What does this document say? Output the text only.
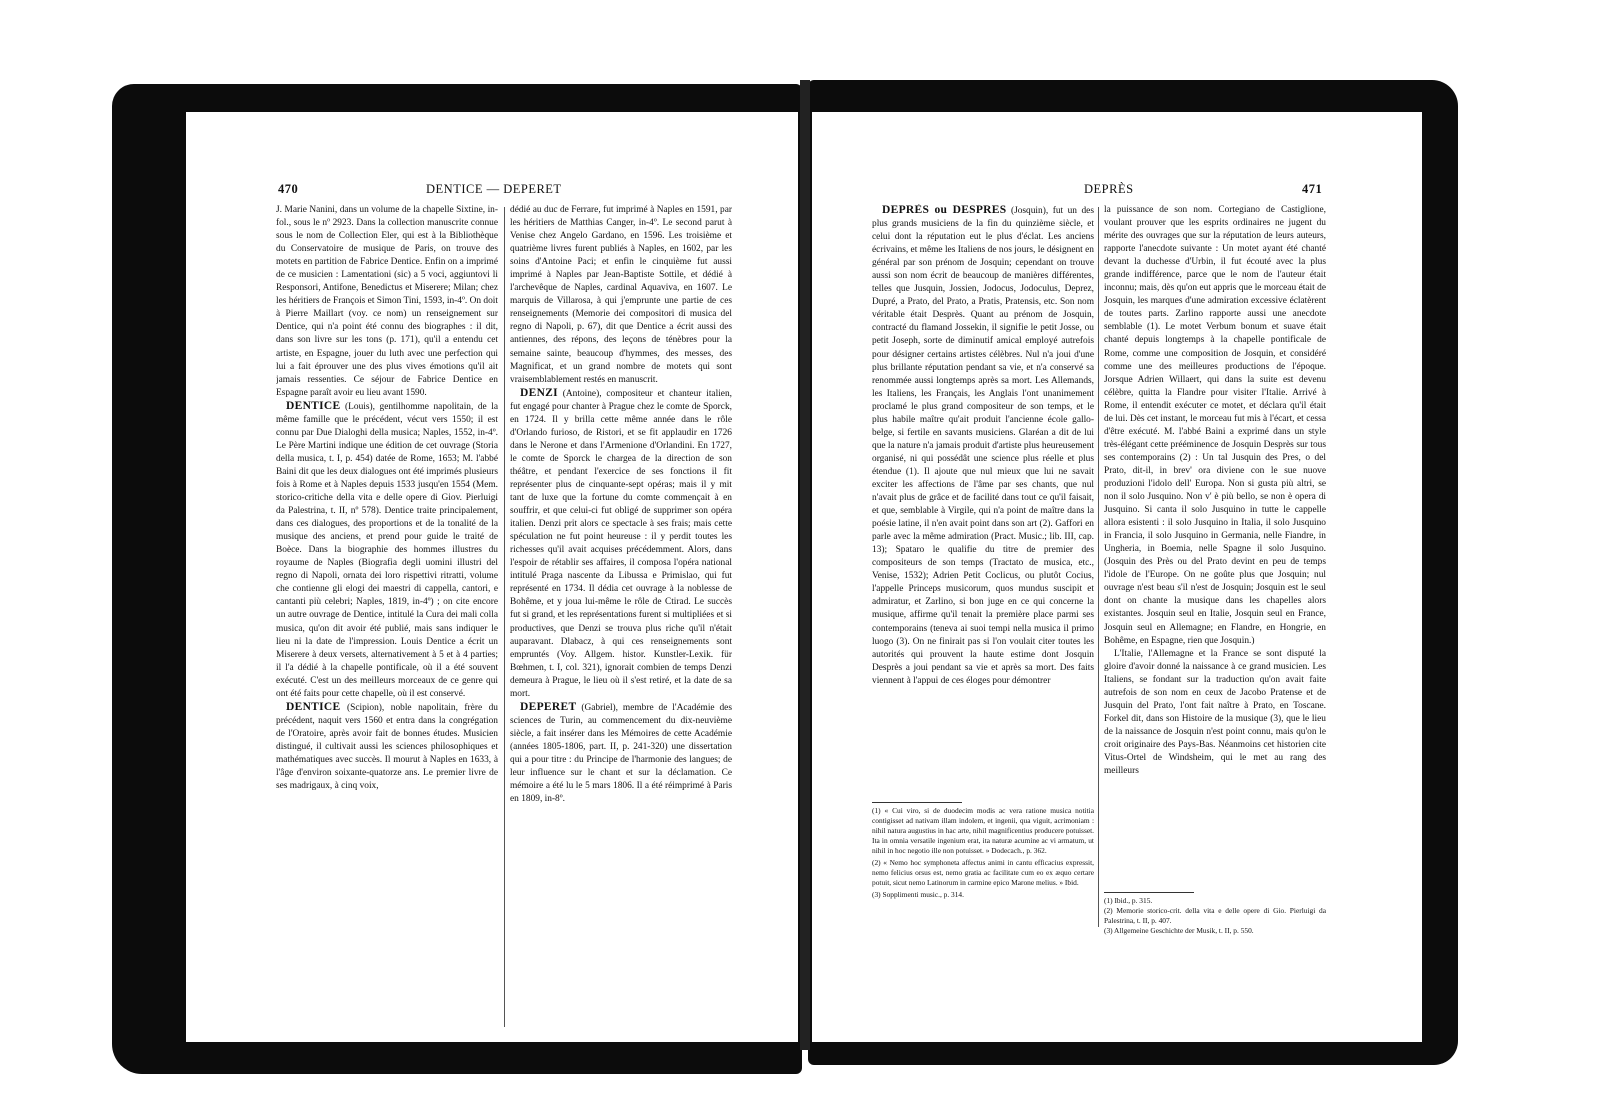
470	DENTICE — DEPERET

J. Marie Nanini, dans un volume de la chapelle Sixtine, in-fol., sous le nº 2923. Dans la collection manuscrite connue sous le nom de Collection Eler, qui est à la Bibliothèque du Conservatoire de musique de Paris, on trouve des motets en partition de Fabrice Dentice. Enfin on a imprimé de ce musicien : Lamentationi (sic) a 5 voci, aggiuntovi li Responsori, Antifone, Benedictus et Miserere; Milan; chez les héritiers de François et Simon Tini, 1593, in-4º. On doit à Pierre Maillart (voy. ce nom) un renseignement sur Dentice, qui n'a point été connu des biographes : il dit, dans son livre sur les tons (p. 171), qu'il a entendu cet artiste, en Espagne, jouer du luth avec une perfection qui lui a fait éprouver une des plus vives émotions qu'il ait jamais ressenties. Ce séjour de Fabrice Dentice en Espagne paraît avoir eu lieu avant 1590.

DENTICE (Louis), gentilhomme napolitain, de la même famille que le précédent, vécut vers 1550; il est connu par Due Dialoghi della musica; Naples, 1552, in-4º. Le Père Martini indique une édition de cet ouvrage (Storia della musica, t. I, p. 454) datée de Rome, 1653; M. l'abbé Baini dit que les deux dialogues ont été imprimés plusieurs fois à Rome et à Naples depuis 1533 jusqu'en 1554 (Mem. storico-critiche della vita e delle opere di Giov. Pierluigi da Palestrina, t. II, nº 578). Dentice traite principalement, dans ces dialogues, des proportions et de la tonalité de la musique des anciens, et prend pour guide le traité de Boèce. Dans la biographie des hommes illustres du royaume de Naples (Biografia degli uomini illustri del regno di Napoli, ornata dei loro rispettivi ritratti, volume che contienne gli elogi dei maestri di cappella, cantori, e cantanti più celebri; Naples, 1819, in-4º) ; on cite encore un autre ouvrage de Dentice, intitulé la Cura dei mali colla musica, qu'on dit avoir été publié, mais sans indiquer le lieu ni la date de l'impression. Louis Dentice a écrit un Miserere à deux versets, alternativement à 5 et à 4 parties; il l'a dédié à la chapelle pontificale, où il a été souvent exécuté. C'est un des meilleurs morceaux de ce genre qui ont été faits pour cette chapelle, où il est conservé.

DENTICE (Scipion), noble napolitain, frère du précédent, naquit vers 1560 et entra dans la congrégation de l'Oratoire, après avoir fait de bonnes études. Musicien distingué, il cultivait aussi les sciences philosophiques et mathématiques avec succès. Il mourut à Naples en 1633, à l'âge d'environ soixante-quatorze ans. Le premier livre de ses madrigaux, à cinq voix,

dédié au duc de Ferrare, fut imprimé à Naples en 1591, par les héritiers de Matthias Canger, in-4º. Le second parut à Venise chez Angelo Gardano, en 1596. Les troisième et quatrième livres furent publiés à Naples, en 1602, par les soins d'Antoine Paci; et enfin le cinquième fut aussi imprimé à Naples par Jean-Baptiste Sottile, et dédié à l'archevêque de Naples, cardinal Aquaviva, en 1607. Le marquis de Villarosa, à qui j'emprunte une partie de ces renseignements (Memorie dei compositori di musica del regno di Napoli, p. 67), dit que Dentice a écrit aussi des antiennes, des répons, des leçons de ténèbres pour la semaine sainte, beaucoup d'hymmes, des messes, des Magnificat, et un grand nombre de motets qui sont vraisemblablement restés en manuscrit.

DENZI (Antoine), compositeur et chanteur italien, fut engagé pour chanter à Prague chez le comte de Sporck, en 1724. Il y brilla cette même année dans le rôle d'Orlando furioso, de Ristori, et se fit applaudir en 1726 dans le Nerone et dans l'Armenione d'Orlandini. En 1727, le comte de Sporck le chargea de la direction de son théâtre, et pendant l'exercice de ses fonctions il fit représenter plus de cinquante-sept opéras; mais il y mit tant de luxe que la fortune du comte commençait à en souffrir, et que celui-ci fut obligé de supprimer son opéra italien. Denzi prit alors ce spectacle à ses frais; mais cette spéculation ne fut point heureuse : il y perdit toutes les richesses qu'il avait acquises précédemment. Alors, dans l'espoir de rétablir ses affaires, il composa l'opéra national intitulé Praga nascente da Libussa e Primislao, qui fut représenté en 1734. Il dédia cet ouvrage à la noblesse de Bohême, et y joua lui-même le rôle de Ctirad. Le succès fut si grand, et les représentations furent si multipliées et si productives, que Denzi se trouva plus riche qu'il n'était auparavant. Dlabacz, à qui ces renseignements sont empruntés (Voy. Allgem. histor. Kunstler-Lexik. für Bœhmen, t. I, col. 321), ignorait combien de temps Denzi demeura à Prague, le lieu où il s'est retiré, et la date de sa mort.

DEPERET (Gabriel), membre de l'Académie des sciences de Turin, au commencement du dix-neuvième siècle, a fait insérer dans les Mémoires de cette Académie (années 1805-1806, part. II, p. 241-320) une dissertation qui a pour titre : du Principe de l'harmonie des langues; de leur influence sur le chant et sur la déclamation. Ce mémoire a été lu le 5 mars 1806. Il a été réimprimé à Paris en 1809, in-8º.

DEPRÈS	471

DEPRÈS ou DESPRES (Josquin), fut un des plus grands musiciens de la fin du quinzième siècle, et celui dont la réputation eut le plus d'éclat. Les anciens écrivains, et même les Italiens de nos jours, le désignent en général par son prénom de Josquin; cependant on trouve aussi son nom écrit de beaucoup de manières différentes, telles que Jusquin, Jossien, Jodocus, Jodoculus, Deprez, Dupré, a Prato, del Prato, a Pratis, Pratensis, etc. Son nom véritable était Desprès. Quant au prénom de Josquin, contracté du flamand Jossekin, il signifie le petit Josse, ou petit Joseph, sorte de diminutif amical employé autrefois pour désigner certains artistes célèbres. Nul n'a joui d'une plus brillante réputation pendant sa vie, et n'a conservé sa renommée aussi longtemps après sa mort. Les Allemands, les Italiens, les Français, les Anglais l'ont unanimement proclamé le plus grand compositeur de son temps, et le plus habile maître qu'ait produit l'ancienne école gallo-belge, si fertile en savants musiciens. Glaréan a dit de lui que la nature n'a jamais produit d'artiste plus heureusement organisé, ni qui possédât une science plus réelle et plus étendue (1). Il ajoute que nul mieux que lui ne savait exciter les affections de l'âme par ses chants, que nul n'avait plus de grâce et de facilité dans tout ce qu'il faisait, et que, semblable à Virgile, qui n'a point de maître dans la poésie latine, il n'en avait point dans son art (2). Gaffori en parle avec la même admiration (Pract. Music.; lib. III, cap. 13); Spataro le qualifie du titre de premier des compositeurs de son temps (Tractato de musica, etc., Venise, 1532); Adrien Petit Coclicus, ou plutôt Cocius, l'appelle Princeps musicorum, quos mundus suscipit et admiratur, et Zarlino, si bon juge en ce qui concerne la musique, affirme qu'il tenait la première place parmi ses contemporains (teneva ai suoi tempi nella musica il primo luogo (3). On ne finirait pas si l'on voulait citer toutes les autorités qui prouvent la haute estime dont Josquin Desprès a joui pendant sa vie et après sa mort. Des faits viennent à l'appui de ces éloges pour démontrer

(1) « Cui viro, si de duodecim modis ac vera ratione musica notitia contigisset ad nativam illam indolem, et ingenii, qua viguit, acrimoniam : nihil natura augustius in hac arte, nihil magnificentius producere potuisset. Ita in omnia versatile ingenium erat, ita naturæ acumine ac vi armatum, ut nihil in hoc negotio ille non potuisset. » Dodecach., p. 362.

(2) « Nemo hoc symphoneta affectus animi in cantu efficacius expressit, nemo felicius orsus est, nemo gratia ac facilitate cum eo ex æquo certare potuit, sicut nemo Latinorum in carmine epico Marone melius. » Ibid.

(3) Sopplimenti music., p. 314.

la puissance de son nom. Cortegiano de Castiglione, voulant prouver que les esprits ordinaires ne jugent du mérite des ouvrages que sur la réputation de leurs auteurs, rapporte l'anecdote suivante : Un motet ayant été chanté devant la duchesse d'Urbin, il fut écouté avec la plus grande indifférence, parce que le nom de l'auteur était inconnu; mais, dès qu'on eut appris que le morceau était de Josquin, les marques d'une admiration excessive éclatèrent de toutes parts. Zarlino rapporte aussi une anecdote semblable (1). Le motet Verbum bonum et suave était chanté depuis longtemps à la chapelle pontificale de Rome, comme une composition de Josquin, et considéré comme une des meilleures productions de l'époque. Jorsque Adrien Willaert, qui dans la suite est devenu célèbre, quitta la Flandre pour visiter l'Italie. Arrivé à Rome, il entendit exécuter ce motet, et déclara qu'il était de lui. Dès cet instant, le morceau fut mis à l'écart, et cessa d'être exécuté. M. l'abbé Baini a exprimé dans un style très-élégant cette prééminence de Josquin Desprès sur tous ses contemporains (2) : Un tal Jusquin des Pres, o del Prato, dit-il, in brev' ora diviene con le sue nuove produzioni l'idolo dell' Europa. Non si gusta più altri, se non il solo Jusquino. Non v' è più bello, se non è opera di Jusquino. Si canta il solo Jusquino in tutte le cappelle allora esistenti : il solo Jusquino in Italia, il solo Jusquino in Francia, il solo Jusquino in Germania, nelle Fiandre, in Ungheria, in Boemia, nelle Spagne il solo Jusquino. (Josquin des Près ou del Prato devint en peu de temps l'idole de l'Europe. On ne goûte plus que Josquin; nul ouvrage n'est beau s'il n'est de Josquin; Josquin est le seul dont on chante la musique dans les chapelles alors existantes. Josquin seul en Italie, Josquin seul en France, Josquin seul en Allemagne; en Flandre, en Hongrie, en Bohême, en Espagne, rien que Josquin.)

L'Italie, l'Allemagne et la France se sont disputé la gloire d'avoir donné la naissance à ce grand musicien. Les Italiens, se fondant sur la traduction qu'on avait faite autrefois de son nom en ceux de Jacobo Pratense et de Jusquin del Prato, l'ont fait naître à Prato, en Toscane. Forkel dit, dans son Histoire de la musique (3), que le lieu de la naissance de Josquin n'est point connu, mais qu'on le croit originaire des Pays-Bas. Néanmoins cet historien cite Vitus-Ortel de Windsheim, qui le met au rang des meilleurs

(1) Ibid., p. 315.

(2) Memorie storico-crit. della vita e delle opere di Gio. Pierluigi da Palestrina, t. II, p. 407.

(3) Allgemeine Geschichte der Musik, t. II, p. 550.
